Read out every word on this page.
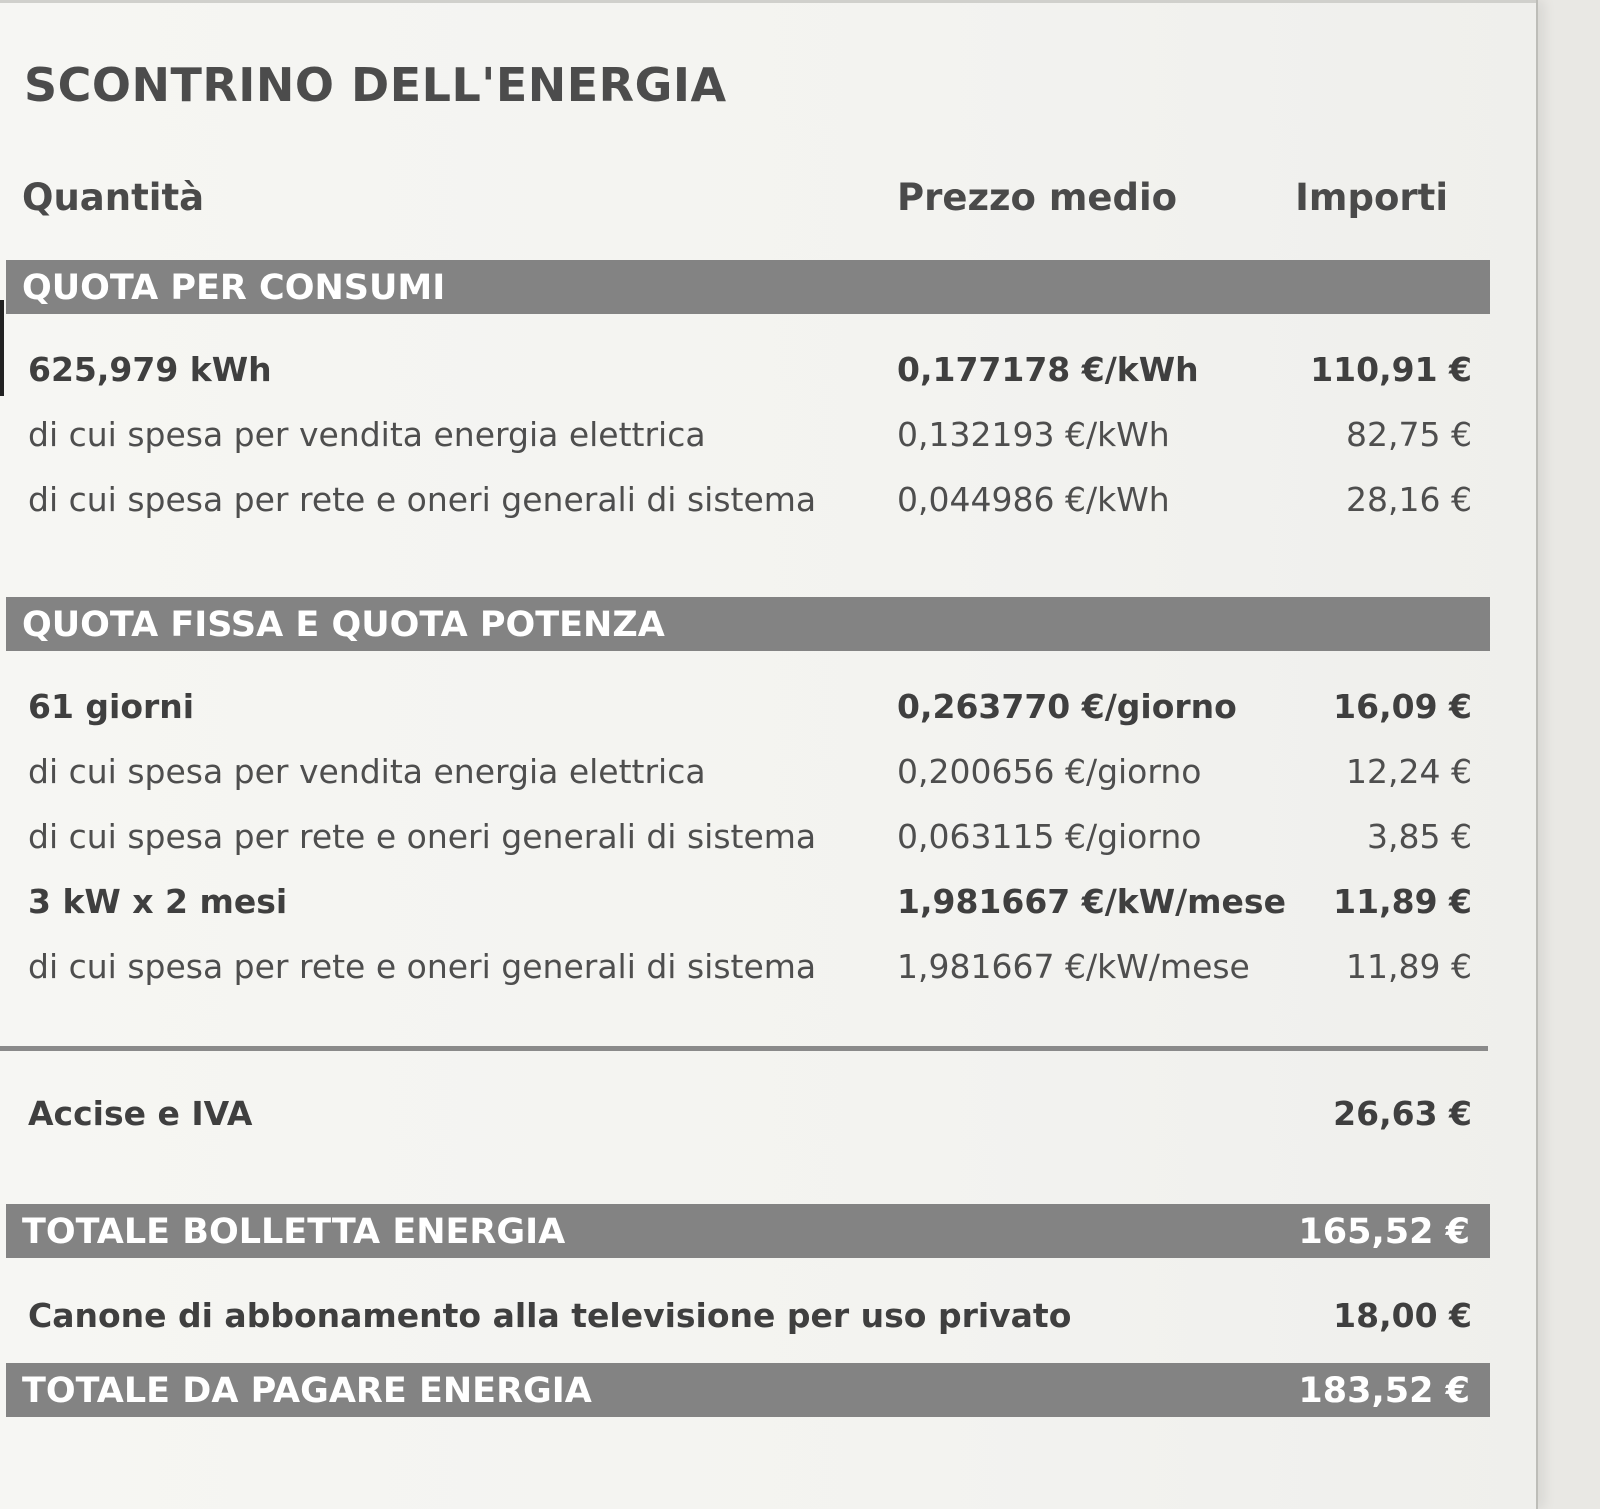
SCONTRINO DELL'ENERGIA
Quantità	Prezzo medio	Importi
QUOTA PER CONSUMI
625,979 kWh	0,177178 €/kWh	110,91 €
di cui spesa per vendita energia elettrica	0,132193 €/kWh	82,75 €
di cui spesa per rete e oneri generali di sistema 0,044986 €/kWh	28,16 €
QUOTA FISSA E QUOTA POTENZA
61 giorni	0,263770 €/giorno	16,09 €
di cui spesa per vendita energia elettrica	0,200656 €/giorno	12,24 €
di cui spesa per rete e oneri generali di sistema 0,063115 €/giorno	3,85 €
3 kW x 2 mesi	1,981667 €/kW/mese 11,89 €
di cui spesa per rete e oneri generali di sistema 1,981667 €/kW/mese	11,89 €
Accise e IVA	26,63 €
TOTALE BOLLETTA ENERGIA	165,52 €
Canone di abbonamento alla televisione per uso privato	18,00 €
TOTALE DA PAGARE ENERGIA	183,52 €
